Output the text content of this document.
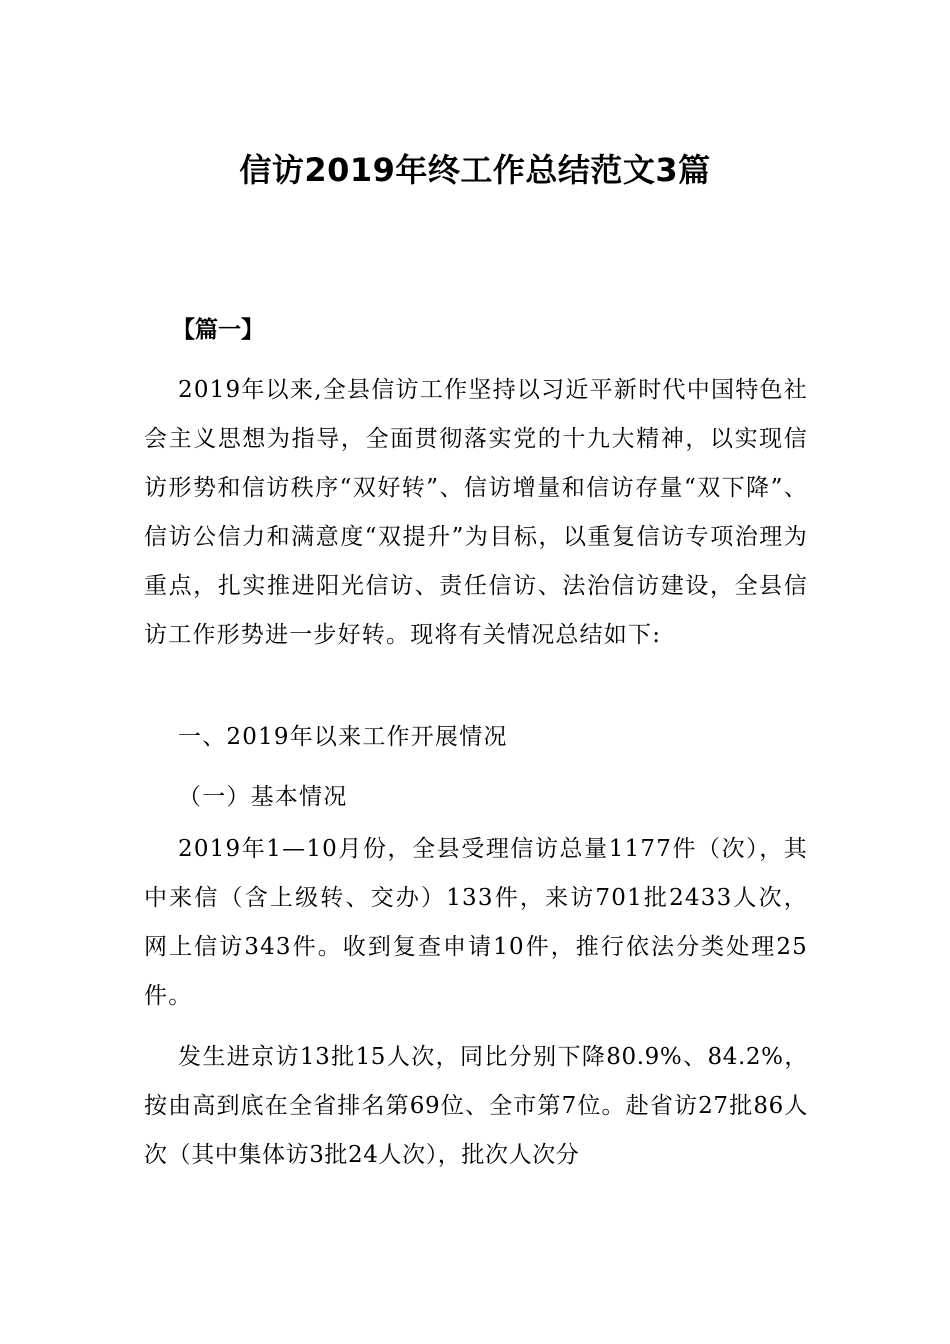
信访2019年终工作总结范文3篇
【篇一】
2019年以来,全县信访工作坚持以习近平新时代中国特色社会主义思想为指导，全面贯彻落实党的十九大精神，以实现信访形势和信访秩序“双好转”、信访增量和信访存量“双下降”、信访公信力和满意度“双提升”为目标，以重复信访专项治理为重点，扎实推进阳光信访、责任信访、法治信访建设，全县信访工作形势进一步好转。现将有关情况总结如下:
一、2019年以来工作开展情况
（一）基本情况
2019年1—10月份，全县受理信访总量1177件（次），其中来信（含上级转、交办）133件，来访701批2433人次，网上信访343件。收到复查申请10件，推行依法分类处理25件。
发生进京访13批15人次，同比分别下降80.9%、84.2%，按由高到底在全省排名第69位、全市第7位。赴省访27批86人次（其中集体访3批24人次），批次人次分
